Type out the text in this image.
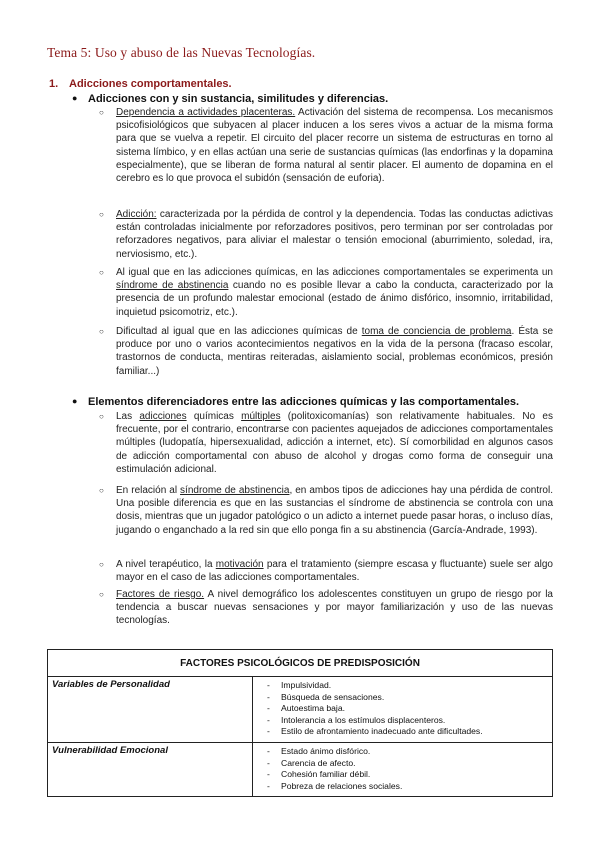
Tema 5: Uso y abuso de las Nuevas Tecnologías.
1. Adicciones comportamentales.
● Adicciones con y sin sustancia, similitudes y diferencias.
○ Dependencia a actividades placenteras. Activación del sistema de recompensa. Los mecanismos psicofisiológicos que subyacen al placer inducen a los seres vivos a actuar de la misma forma para que se vuelva a repetir. El circuito del placer recorre un sistema de estructuras en torno al sistema límbico, y en ellas actúan una serie de sustancias químicas (las endorfinas y la dopamina especialmente), que se liberan de forma natural al sentir placer. El aumento de dopamina en el cerebro es lo que provoca el subidón (sensación de euforia).
○ Adicción: caracterizada por la pérdida de control y la dependencia. Todas las conductas adictivas están controladas inicialmente por reforzadores positivos, pero terminan por ser controladas por reforzadores negativos, para aliviar el malestar o tensión emocional (aburrimiento, soledad, ira, nerviosismo, etc.).
○ Al igual que en las adicciones químicas, en las adicciones comportamentales se experimenta un síndrome de abstinencia cuando no es posible llevar a cabo la conducta, caracterizado por la presencia de un profundo malestar emocional (estado de ánimo disfórico, insomnio, irritabilidad, inquietud psicomotriz, etc.).
○ Dificultad al igual que en las adicciones químicas de toma de conciencia de problema. Ésta se produce por uno o varios acontecimientos negativos en la vida de la persona (fracaso escolar, trastornos de conducta, mentiras reiteradas, aislamiento social, problemas económicos, presión familiar...)
● Elementos diferenciadores entre las adicciones químicas y las comportamentales.
○ Las adicciones químicas múltiples (politoxicomanías) son relativamente habituales. No es frecuente, por el contrario, encontrarse con pacientes aquejados de adicciones comportamentales múltiples (ludopatía, hipersexualidad, adicción a internet, etc). Sí comorbilidad en algunos casos de adicción comportamental con abuso de alcohol y drogas como forma de conseguir una estimulación adicional.
○ En relación al síndrome de abstinencia, en ambos tipos de adicciones hay una pérdida de control. Una posible diferencia es que en las sustancias el síndrome de abstinencia se controla con una dosis, mientras que un jugador patológico o un adicto a internet puede pasar horas, o incluso días, jugando o enganchado a la red sin que ello ponga fin a su abstinencia (García-Andrade, 1993).
○ A nivel terapéutico, la motivación para el tratamiento (siempre escasa y fluctuante) suele ser algo mayor en el caso de las adicciones comportamentales.
○ Factores de riesgo. A nivel demográfico los adolescentes constituyen un grupo de riesgo por la tendencia a buscar nuevas sensaciones y por mayor familiarización y uso de las nuevas tecnologías.
FACTORES PSICOLÓGICOS DE PREDISPOSICIÓN	
Variables de Personalidad	- Impulsividad.
- Búsqueda de sensaciones.
- Autoestima baja.
- Intolerancia a los estímulos displacenteros.
- Estilo de afrontamiento inadecuado ante dificultades.

Vulnerabilidad Emocional	- Estado ánimo disfórico.
- Carencia de afecto.
- Cohesión familiar débil.
- Pobreza de relaciones sociales.
